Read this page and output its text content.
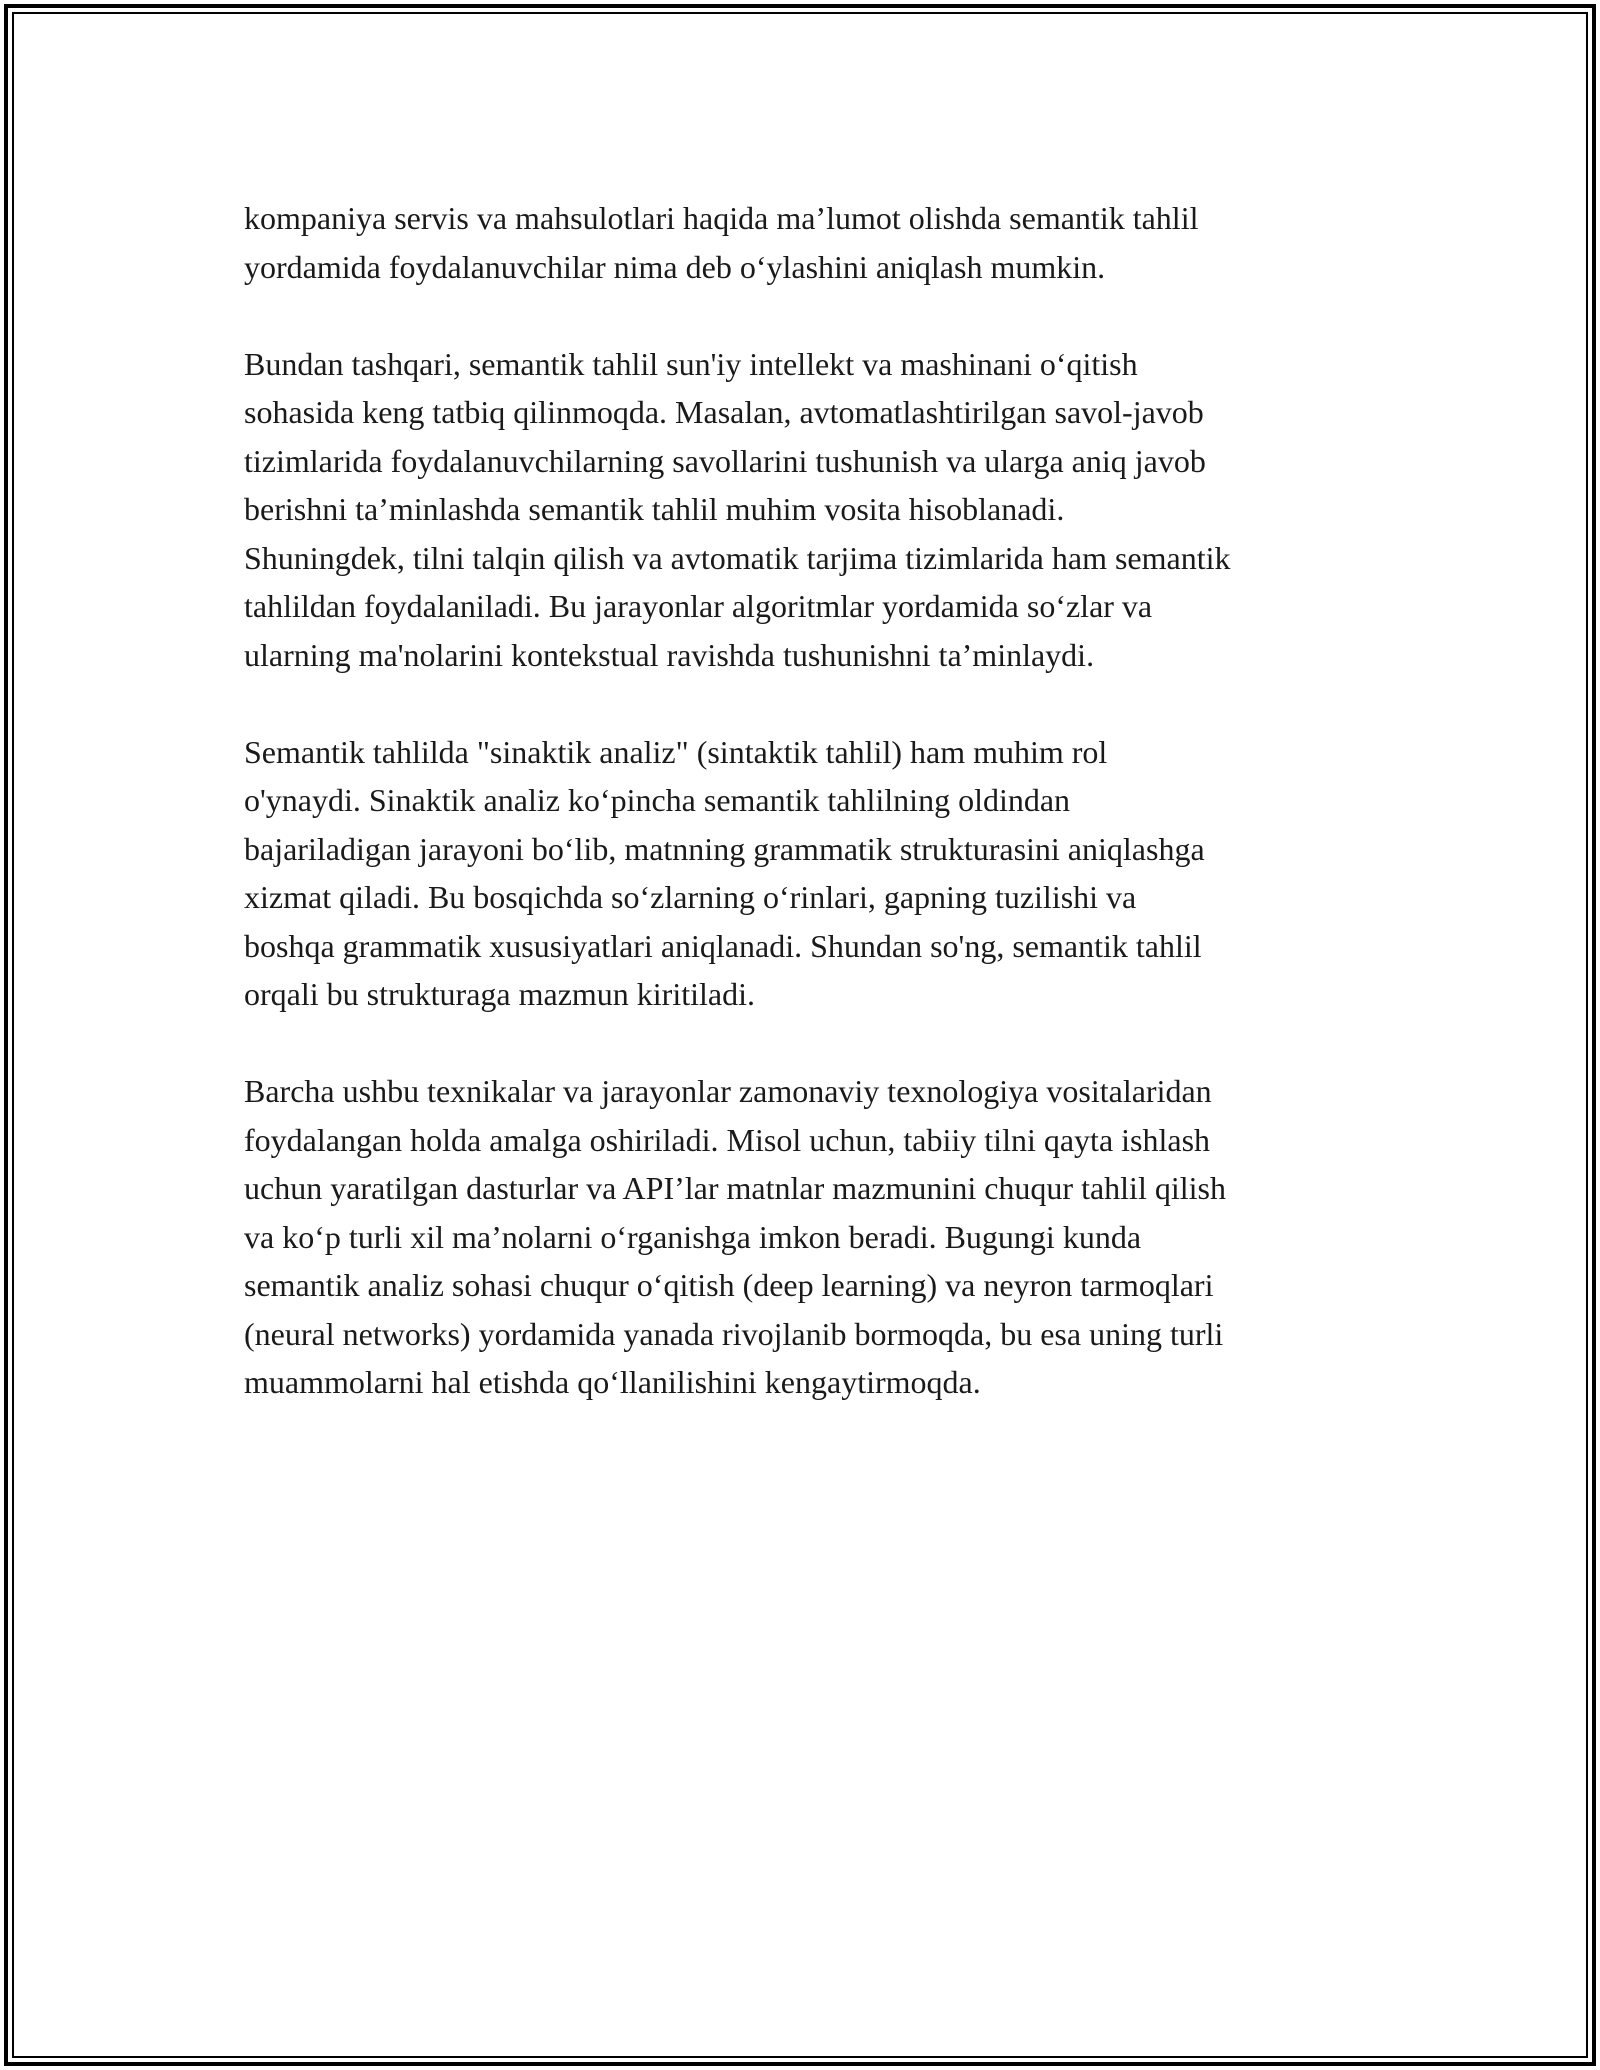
kompaniya servis va mahsulotlari haqida ma’lumot olishda semantik tahlil
yordamida foydalanuvchilar nima deb o‘ylashini aniqlash mumkin.

Bundan tashqari, semantik tahlil sun'iy intellekt va mashinani o‘qitish
sohasida keng tatbiq qilinmoqda. Masalan, avtomatlashtirilgan savol-javob
tizimlarida foydalanuvchilarning savollarini tushunish va ularga aniq javob
berishni ta’minlashda semantik tahlil muhim vosita hisoblanadi.
Shuningdek, tilni talqin qilish va avtomatik tarjima tizimlarida ham semantik
tahlildan foydalaniladi. Bu jarayonlar algoritmlar yordamida so‘zlar va
ularning ma'nolarini kontekstual ravishda tushunishni ta’minlaydi.

Semantik tahlilda "sinaktik analiz" (sintaktik tahlil) ham muhim rol
o'ynaydi. Sinaktik analiz ko‘pincha semantik tahlilning oldindan
bajariladigan jarayoni bo‘lib, matnning grammatik strukturasini aniqlashga
xizmat qiladi. Bu bosqichda so‘zlarning o‘rinlari, gapning tuzilishi va
boshqa grammatik xususiyatlari aniqlanadi. Shundan so'ng, semantik tahlil
orqali bu strukturaga mazmun kiritiladi.

Barcha ushbu texnikalar va jarayonlar zamonaviy texnologiya vositalaridan
foydalangan holda amalga oshiriladi. Misol uchun, tabiiy tilni qayta ishlash
uchun yaratilgan dasturlar va API’lar matnlar mazmunini chuqur tahlil qilish
va ko‘p turli xil ma’nolarni o‘rganishga imkon beradi. Bugungi kunda
semantik analiz sohasi chuqur o‘qitish (deep learning) va neyron tarmoqlari
(neural networks) yordamida yanada rivojlanib bormoqda, bu esa uning turli
muammolarni hal etishda qo‘llanilishini kengaytirmoqda.
